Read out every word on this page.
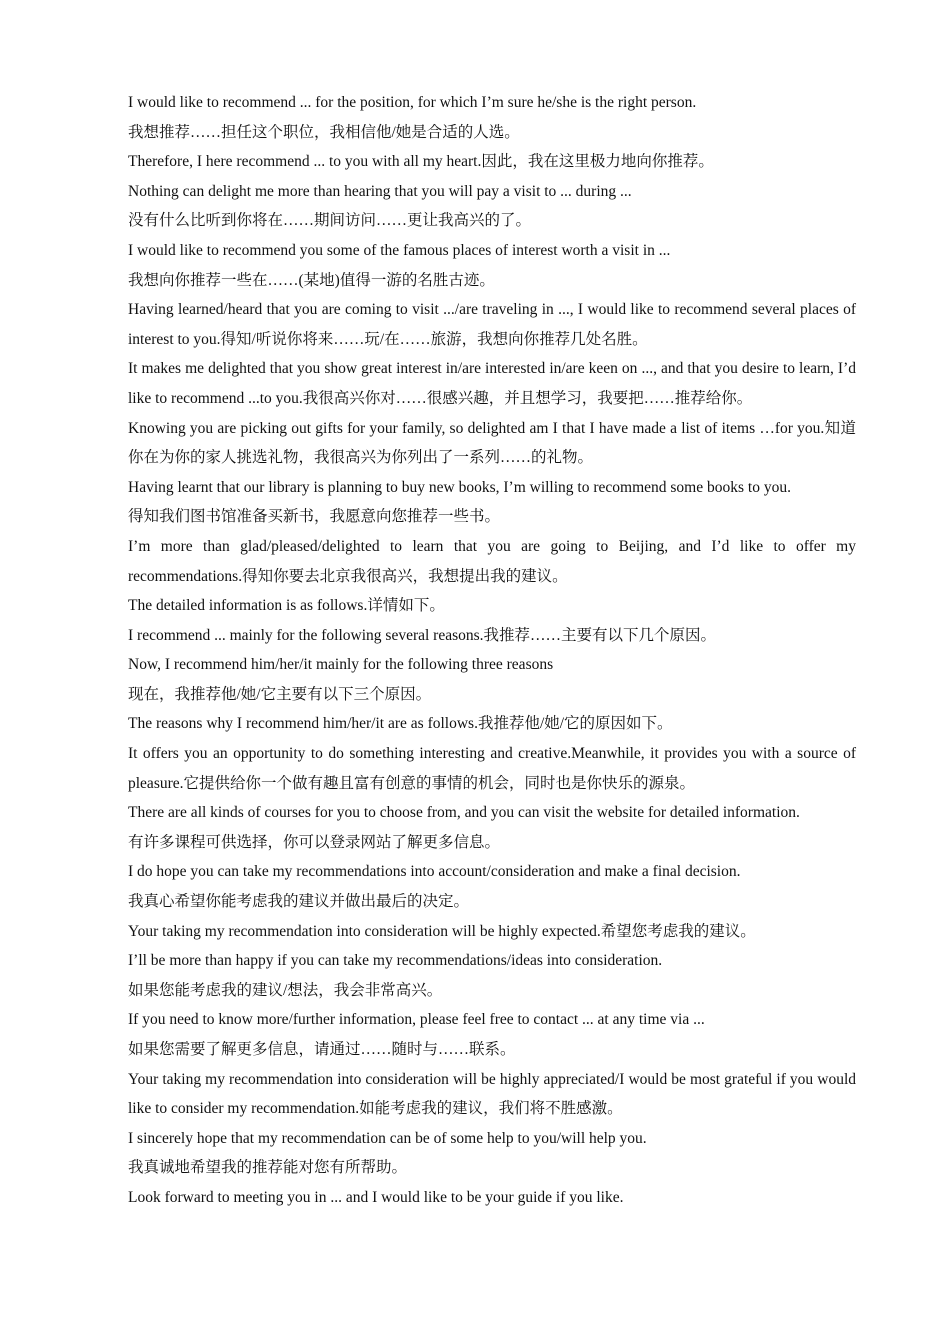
I would like to recommend ... for the position, for which I’m sure he/she is the right person.

我想推荐……担任这个职位，我相信他/她是合适的人选。

Therefore, I here recommend ... to you with all my heart.因此，我在这里极力地向你推荐。

Nothing can delight me more than hearing that you will pay a visit to ... during ...

没有什么比听到你将在……期间访问……更让我高兴的了。

I would like to recommend you some of the famous places of interest worth a visit in ...

我想向你推荐一些在……(某地)值得一游的名胜古迹。

Having learned/heard that you are coming to visit .../are traveling in ..., I would like to recommend several places of interest to you.得知/听说你将来……玩/在……旅游，我想向你推荐几处名胜。

It makes me delighted that you show great interest in/are interested in/are keen on ..., and that you desire to learn, I’d like to recommend ...to you.我很高兴你对……很感兴趣，并且想学习，我要把……推荐给你。

Knowing you are picking out gifts for your family, so delighted am I that I have made a list of items …for you.知道你在为你的家人挑选礼物，我很高兴为你列出了一系列……的礼物。

Having learnt that our library is planning to buy new books, I’m willing to recommend some books to you.

得知我们图书馆准备买新书，我愿意向您推荐一些书。

I’m more than glad/pleased/delighted to learn that you are going to Beijing, and I’d like to offer my recommendations.得知你要去北京我很高兴，我想提出我的建议。

The detailed information is as follows.详情如下。

I recommend ... mainly for the following several reasons.我推荐……主要有以下几个原因。

Now, I recommend him/her/it mainly for the following three reasons

现在，我推荐他/她/它主要有以下三个原因。

The reasons why I recommend him/her/it are as follows.我推荐他/她/它的原因如下。

It offers you an opportunity to do something interesting and creative.Meanwhile, it provides you with a source of pleasure.它提供给你一个做有趣且富有创意的事情的机会，同时也是你快乐的源泉。

There are all kinds of courses for you to choose from, and you can visit the website for detailed information.

有许多课程可供选择，你可以登录网站了解更多信息。

I do hope you can take my recommendations into account/consideration and make a final decision.

我真心希望你能考虑我的建议并做出最后的决定。

Your taking my recommendation into consideration will be highly expected.希望您考虑我的建议。

I’ll be more than happy if you can take my recommendations/ideas into consideration.

如果您能考虑我的建议/想法，我会非常高兴。

If you need to know more/further information, please feel free to contact ... at any time via ...

如果您需要了解更多信息，请通过……随时与……联系。

Your taking my recommendation into consideration will be highly appreciated/I would be most grateful if you would like to consider my recommendation.如能考虑我的建议，我们将不胜感激。

I sincerely hope that my recommendation can be of some help to you/will help you.

我真诚地希望我的推荐能对您有所帮助。

Look forward to meeting you in ... and I would like to be your guide if you like.
